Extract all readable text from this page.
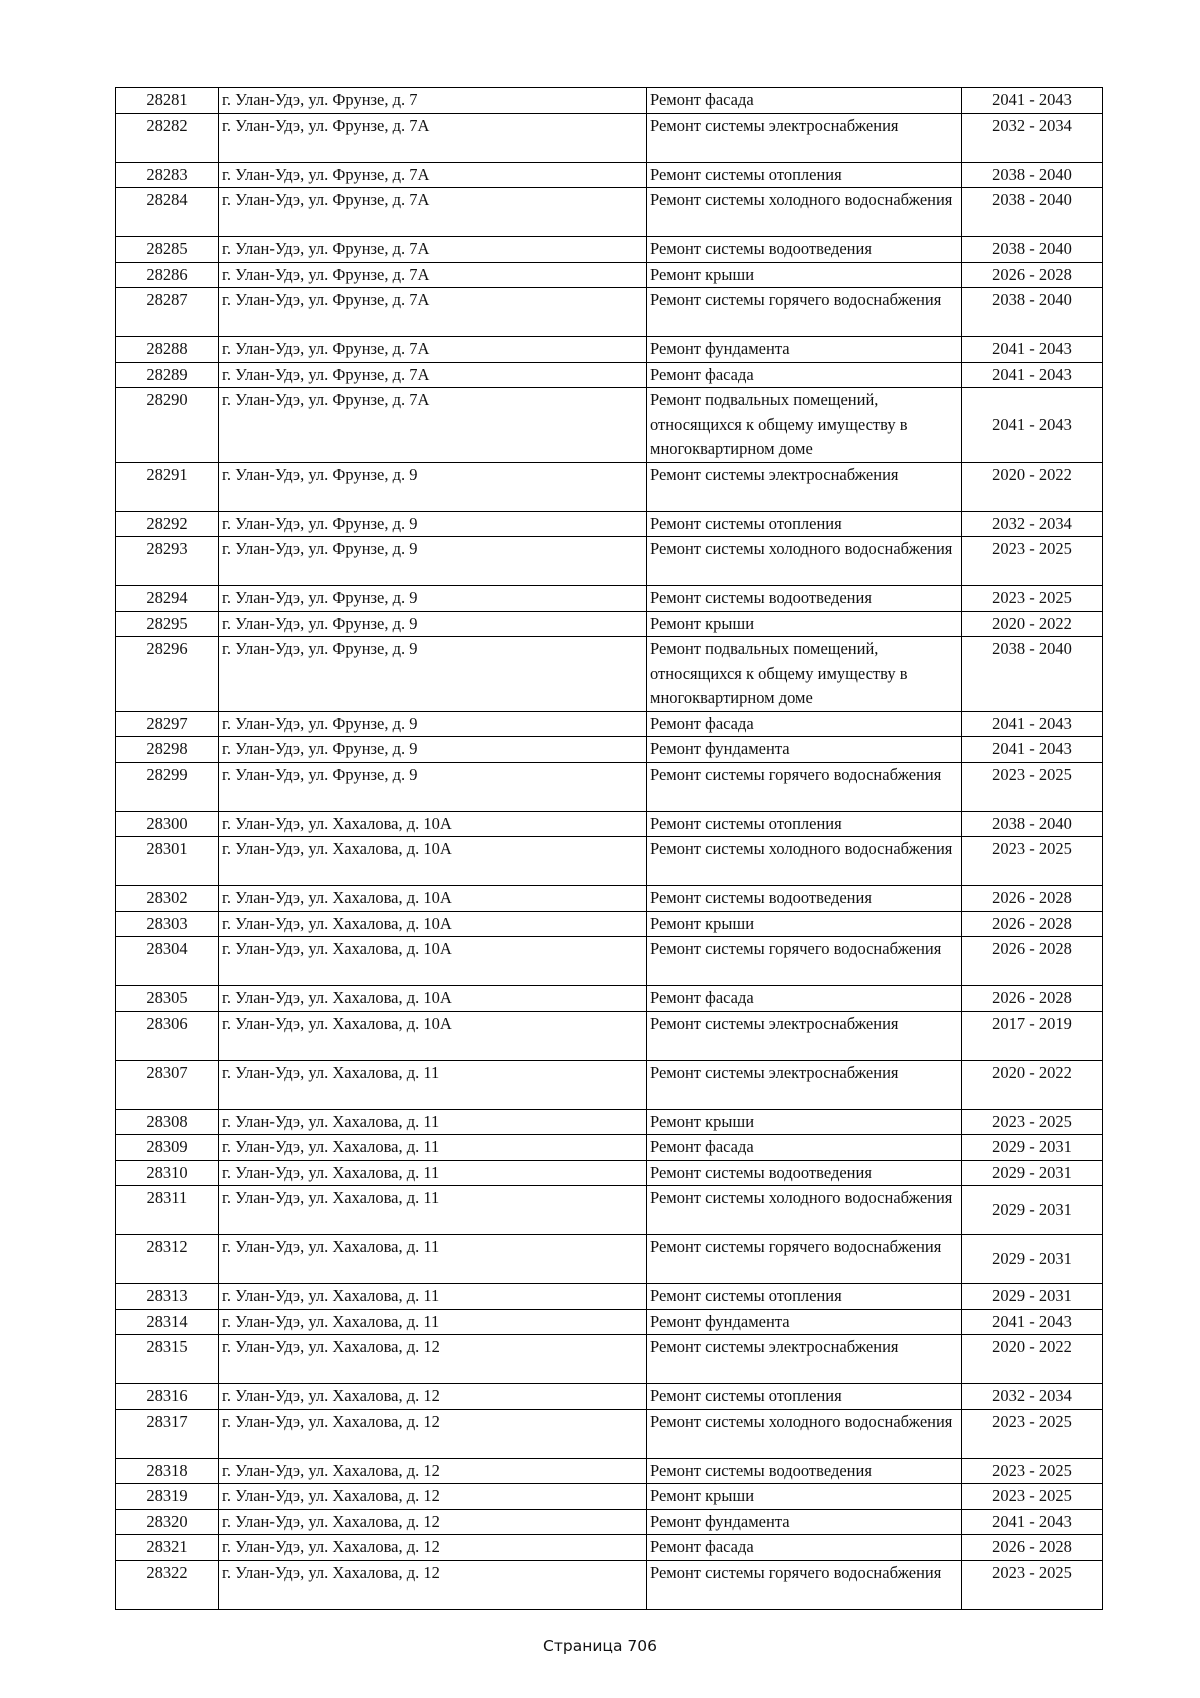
28281	г. Улан-Удэ, ул. Фрунзе, д. 7	Ремонт фасада	2041 - 2043
28282	г. Улан-Удэ, ул. Фрунзе, д. 7А	Ремонт системы электроснабжения	2032 - 2034
28283	г. Улан-Удэ, ул. Фрунзе, д. 7А	Ремонт системы отопления	2038 - 2040
28284	г. Улан-Удэ, ул. Фрунзе, д. 7А	Ремонт системы холодного водоснабжения	2038 - 2040
28285	г. Улан-Удэ, ул. Фрунзе, д. 7А	Ремонт системы водоотведения	2038 - 2040
28286	г. Улан-Удэ, ул. Фрунзе, д. 7А	Ремонт крыши	2026 - 2028
28287	г. Улан-Удэ, ул. Фрунзе, д. 7А	Ремонт системы горячего водоснабжения	2038 - 2040
28288	г. Улан-Удэ, ул. Фрунзе, д. 7А	Ремонт фундамента	2041 - 2043
28289	г. Улан-Удэ, ул. Фрунзе, д. 7А	Ремонт фасада	2041 - 2043
28290	г. Улан-Удэ, ул. Фрунзе, д. 7А	Ремонт подвальных помещений, относящихся к общему имуществу в многоквартирном доме	2041 - 2043
28291	г. Улан-Удэ, ул. Фрунзе, д. 9	Ремонт системы электроснабжения	2020 - 2022
28292	г. Улан-Удэ, ул. Фрунзе, д. 9	Ремонт системы отопления	2032 - 2034
28293	г. Улан-Удэ, ул. Фрунзе, д. 9	Ремонт системы холодного водоснабжения	2023 - 2025
28294	г. Улан-Удэ, ул. Фрунзе, д. 9	Ремонт системы водоотведения	2023 - 2025
28295	г. Улан-Удэ, ул. Фрунзе, д. 9	Ремонт крыши	2020 - 2022
28296	г. Улан-Удэ, ул. Фрунзе, д. 9	Ремонт подвальных помещений, относящихся к общему имуществу в многоквартирном доме	2038 - 2040
28297	г. Улан-Удэ, ул. Фрунзе, д. 9	Ремонт фасада	2041 - 2043
28298	г. Улан-Удэ, ул. Фрунзе, д. 9	Ремонт фундамента	2041 - 2043
28299	г. Улан-Удэ, ул. Фрунзе, д. 9	Ремонт системы горячего водоснабжения	2023 - 2025
28300	г. Улан-Удэ, ул. Хахалова, д. 10А	Ремонт системы отопления	2038 - 2040
28301	г. Улан-Удэ, ул. Хахалова, д. 10А	Ремонт системы холодного водоснабжения	2023 - 2025
28302	г. Улан-Удэ, ул. Хахалова, д. 10А	Ремонт системы водоотведения	2026 - 2028
28303	г. Улан-Удэ, ул. Хахалова, д. 10А	Ремонт крыши	2026 - 2028
28304	г. Улан-Удэ, ул. Хахалова, д. 10А	Ремонт системы горячего водоснабжения	2026 - 2028
28305	г. Улан-Удэ, ул. Хахалова, д. 10А	Ремонт фасада	2026 - 2028
28306	г. Улан-Удэ, ул. Хахалова, д. 10А	Ремонт системы электроснабжения	2017 - 2019
28307	г. Улан-Удэ, ул. Хахалова, д. 11	Ремонт системы электроснабжения	2020 - 2022
28308	г. Улан-Удэ, ул. Хахалова, д. 11	Ремонт крыши	2023 - 2025
28309	г. Улан-Удэ, ул. Хахалова, д. 11	Ремонт фасада	2029 - 2031
28310	г. Улан-Удэ, ул. Хахалова, д. 11	Ремонт системы водоотведения	2029 - 2031
28311	г. Улан-Удэ, ул. Хахалова, д. 11	Ремонт системы холодного водоснабжения	2029 - 2031
28312	г. Улан-Удэ, ул. Хахалова, д. 11	Ремонт системы горячего водоснабжения	2029 - 2031
28313	г. Улан-Удэ, ул. Хахалова, д. 11	Ремонт системы отопления	2029 - 2031
28314	г. Улан-Удэ, ул. Хахалова, д. 11	Ремонт фундамента	2041 - 2043
28315	г. Улан-Удэ, ул. Хахалова, д. 12	Ремонт системы электроснабжения	2020 - 2022
28316	г. Улан-Удэ, ул. Хахалова, д. 12	Ремонт системы отопления	2032 - 2034
28317	г. Улан-Удэ, ул. Хахалова, д. 12	Ремонт системы холодного водоснабжения	2023 - 2025
28318	г. Улан-Удэ, ул. Хахалова, д. 12	Ремонт системы водоотведения	2023 - 2025
28319	г. Улан-Удэ, ул. Хахалова, д. 12	Ремонт крыши	2023 - 2025
28320	г. Улан-Удэ, ул. Хахалова, д. 12	Ремонт фундамента	2041 - 2043
28321	г. Улан-Удэ, ул. Хахалова, д. 12	Ремонт фасада	2026 - 2028
28322	г. Улан-Удэ, ул. Хахалова, д. 12	Ремонт системы горячего водоснабжения	2023 - 2025
Страница 706
